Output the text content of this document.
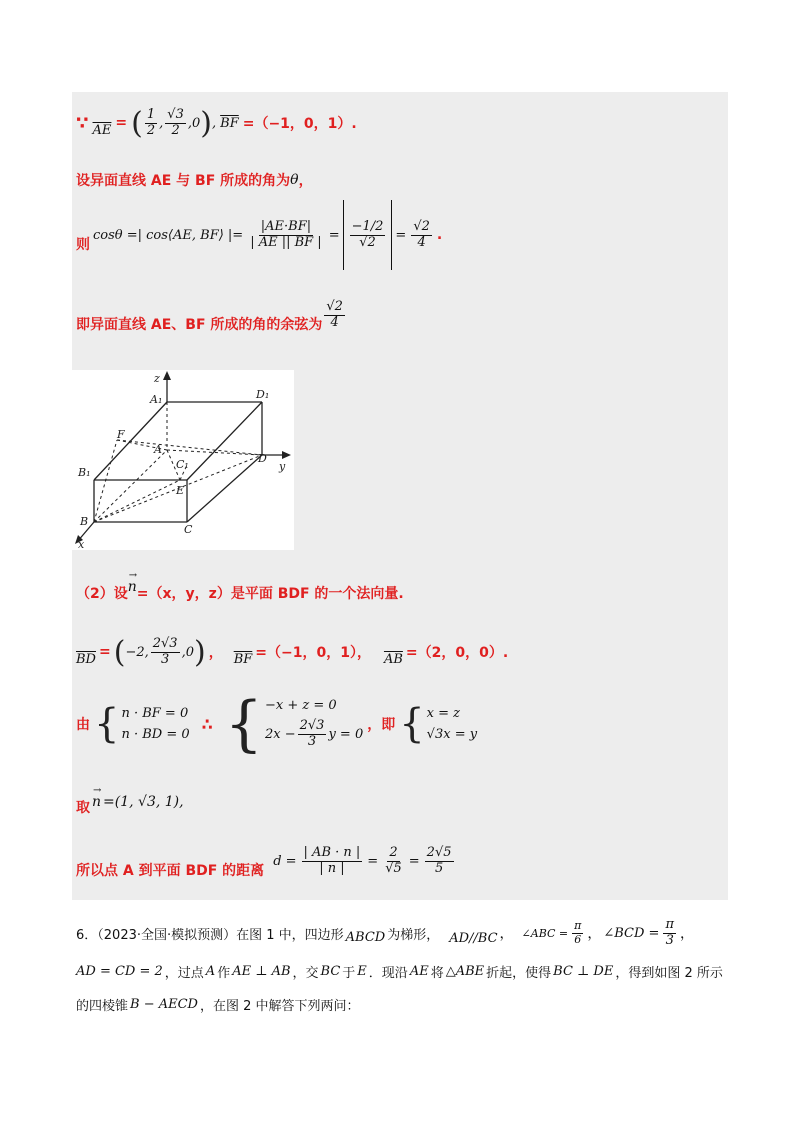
∵ $\overline{AE}$ = ( $\frac{1}{2}$ , $\frac{√3}{2}$ , 0 ) , $\overline{BF} =(-1$，0，1）.
设异面直线 AE 与 BF 所成的角为 θ ，
则
cosθ =| cos⟨AE, BF⟩ |= $\frac{|AE\cdot BF|}{| AE || BF |} = \frac{-1/2}{√2} = \frac{√2}{4}$ .
即异面直线 AE、BF 所成的角的余弦为 $\frac{√2}{4}$
z
y
x
A₁	D₁
F
A
C₁	D
B₁
E
B
C
（2）设
→
n =（x，y，z）是平面 BDF 的一个法向量.
$\overline{BD}$ = ( −2, $\frac{2√3}{3} ,0$ ) ， $\overline{BF} =(-1$，0，1）， $\overline{AB} =(2$，0，0）.
由 { n · BF = 0
n · BD = 0
∴ { −x + z = 0
$2x - \frac{2√3}{3}$ y = 0
，即 { x = z
√3x = y
取
→
n =(1, √3, 1),
所以点 A 到平面 BDF 的距离
$d = \frac{| AB \cdot n |}{| n |} = \frac{2}{√5} = \frac{2√5}{5}$
6．（2023·全国·模拟预测）在图 1 中，四边形 ABCD 为梯形， AD//BC ， ∠ABC = $\frac{\pi}{6}$ ， ∠BCD = $\frac{\pi}{3}$ ，
AD = CD = 2 ，过点 A 作 AE ⊥ AB ，交 BC 于 E ．现沿 AE 将 △ABE 折起，使得 BC ⊥ DE ，得到如图 2 所示
的四棱锥 B − AECD ，在图 2 中解答下列两问：
